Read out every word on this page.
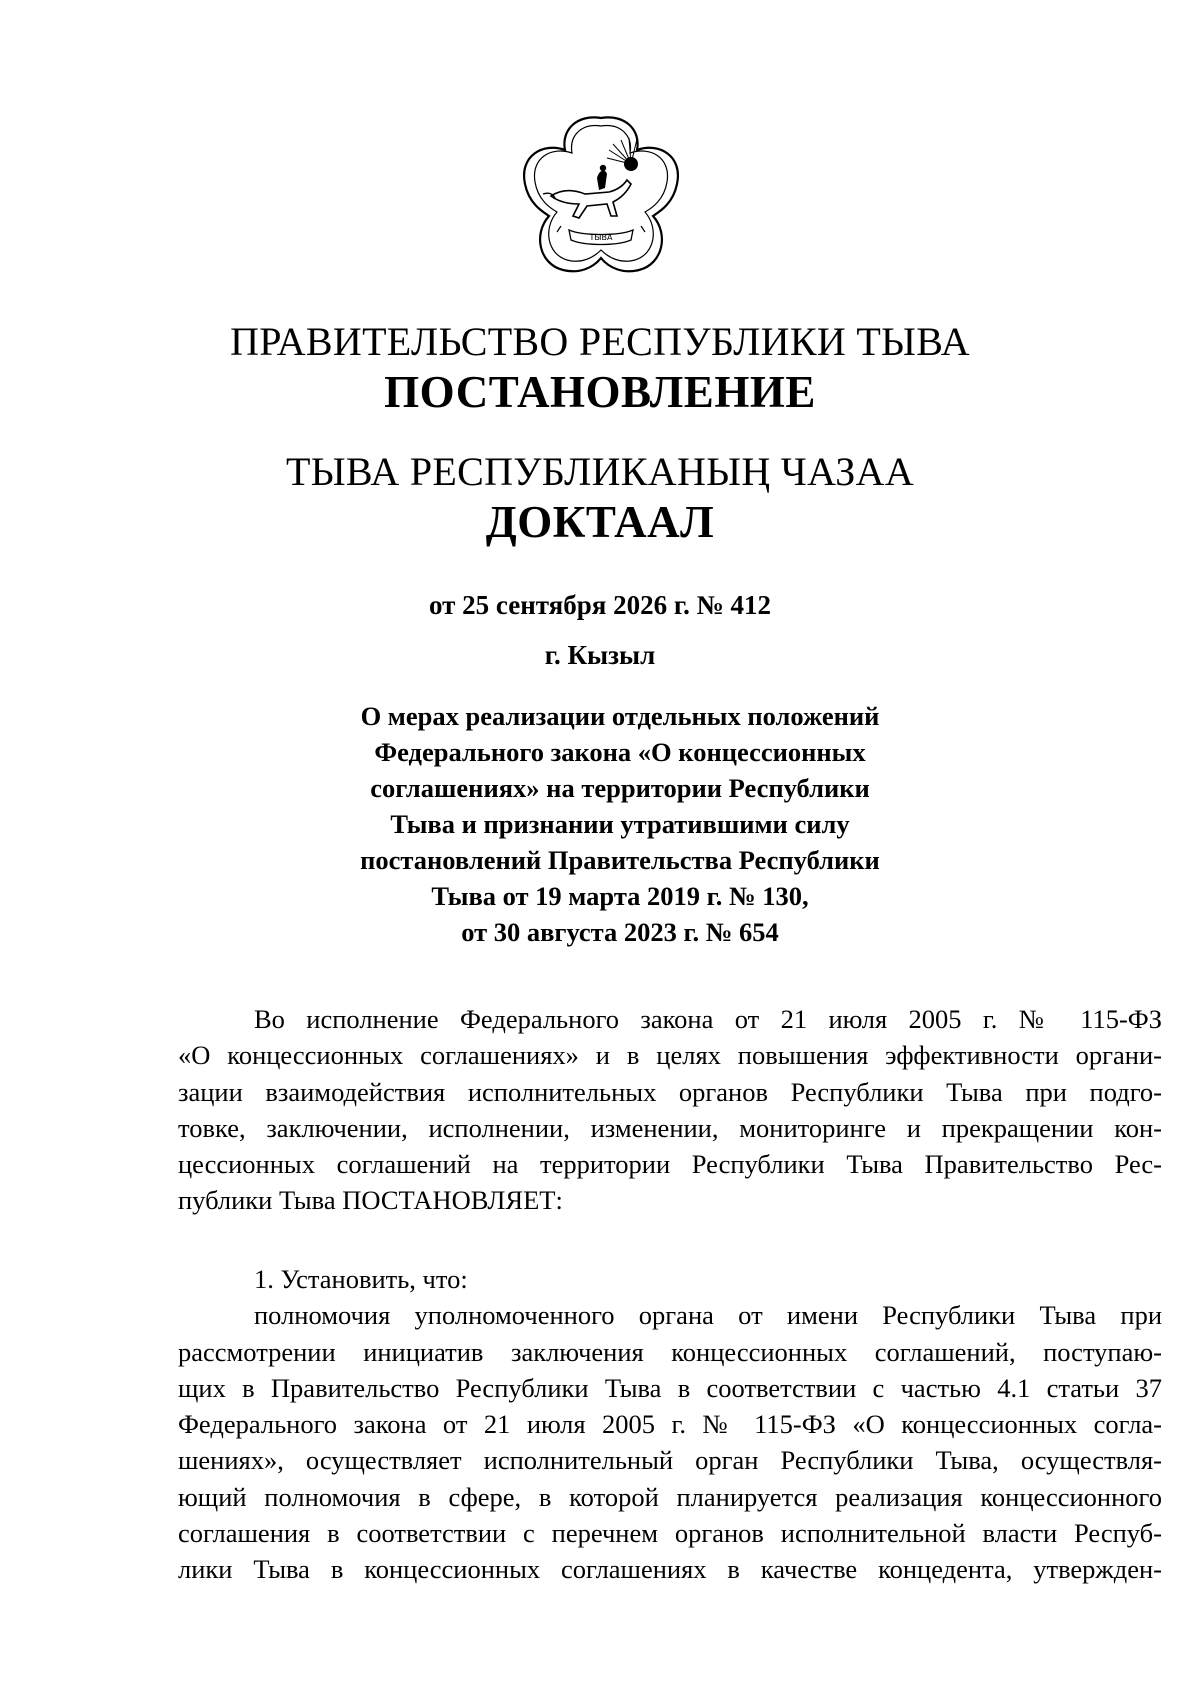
ТЫВА
ПРАВИТЕЛЬСТВО РЕСПУБЛИКИ ТЫВА
ПОСТАНОВЛЕНИЕ
ТЫВА РЕСПУБЛИКАНЫҢ ЧАЗАА
ДОКТААЛ
от 25 сентября 2026 г. № 412
г. Кызыл
О мерах реализации отдельных положений
Федерального закона «О концессионных
соглашениях» на территории Республики
Тыва и признании утратившими силу
постановлений Правительства Республики
Тыва от 19 марта 2019 г. № 130,
от 30 августа 2023 г. № 654
Во исполнение Федерального закона от 21 июля 2005 г. № 115-ФЗ
«О концессионных соглашениях» и в целях повышения эффективности органи-
зации взаимодействия исполнительных органов Республики Тыва при подго-
товке, заключении, исполнении, изменении, мониторинге и прекращении кон-
цессионных соглашений на территории Республики Тыва Правительство Рес-
публики Тыва ПОСТАНОВЛЯЕТ:
1. Установить, что:
полномочия уполномоченного органа от имени Республики Тыва при
рассмотрении инициатив заключения концессионных соглашений, поступаю-
щих в Правительство Республики Тыва в соответствии с частью 4.1 статьи 37
Федерального закона от 21 июля 2005 г. № 115-ФЗ «О концессионных согла-
шениях», осуществляет исполнительный орган Республики Тыва, осуществля-
ющий полномочия в сфере, в которой планируется реализация концессионного
соглашения в соответствии с перечнем органов исполнительной власти Респуб-
лики Тыва в концессионных соглашениях в качестве концедента, утвержден-
